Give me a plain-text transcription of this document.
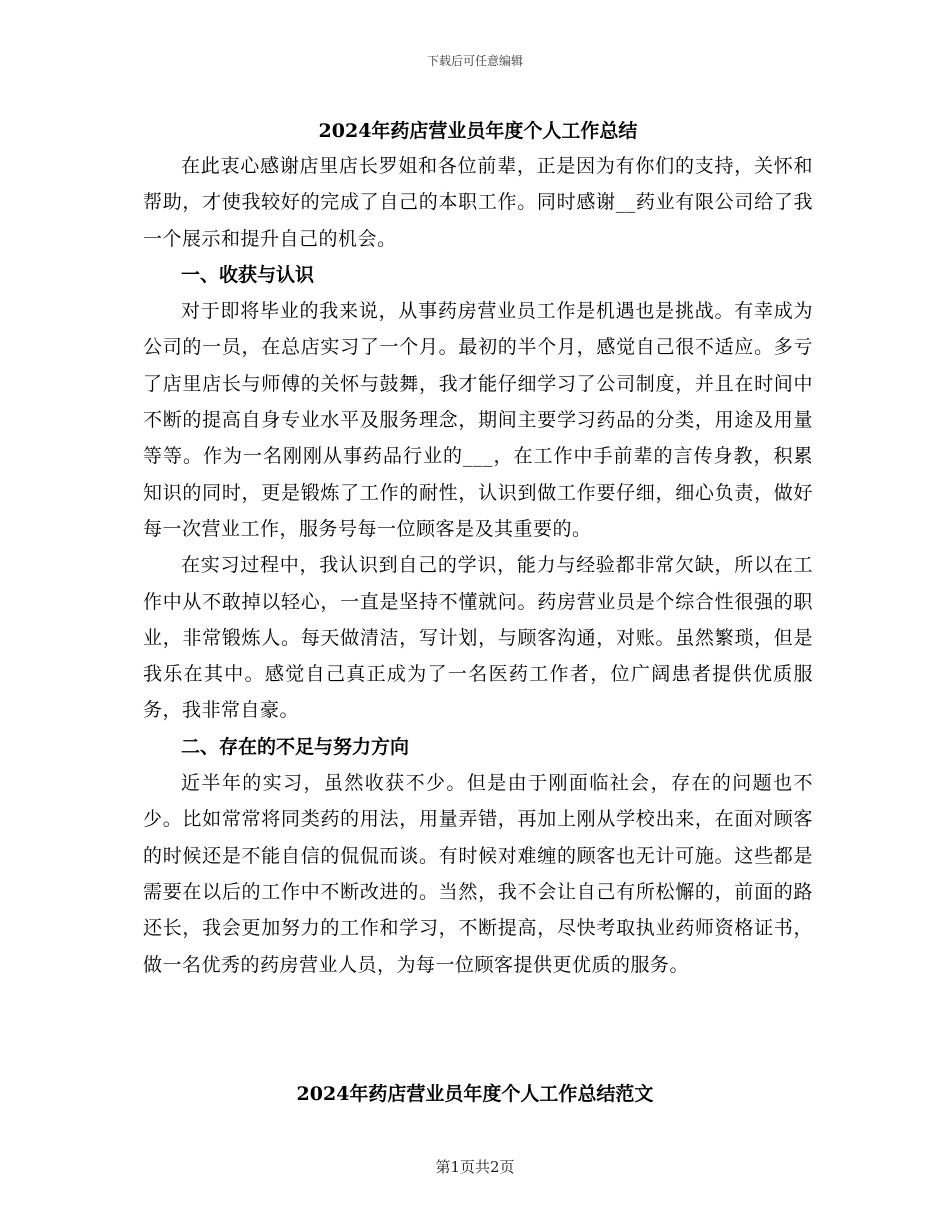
下载后可任意编辑
2024年药店营业员年度个人工作总结

在此衷心感谢店里店长罗姐和各位前辈，正是因为有你们的支持，关怀和帮助，才使我较好的完成了自己的本职工作。同时感谢__药业有限公司给了我一个展示和提升自己的机会。

一、收获与认识

对于即将毕业的我来说，从事药房营业员工作是机遇也是挑战。有幸成为公司的一员，在总店实习了一个月。最初的半个月，感觉自己很不适应。多亏了店里店长与师傅的关怀与鼓舞，我才能仔细学习了公司制度，并且在时间中不断的提高自身专业水平及服务理念，期间主要学习药品的分类，用途及用量等等。作为一名刚刚从事药品行业的___，在工作中手前辈的言传身教，积累知识的同时，更是锻炼了工作的耐性，认识到做工作要仔细，细心负责，做好每一次营业工作，服务号每一位顾客是及其重要的。

在实习过程中，我认识到自己的学识，能力与经验都非常欠缺，所以在工作中从不敢掉以轻心，一直是坚持不懂就问。药房营业员是个综合性很强的职业，非常锻炼人。每天做清洁，写计划，与顾客沟通，对账。虽然繁琐，但是我乐在其中。感觉自己真正成为了一名医药工作者，位广阔患者提供优质服务，我非常自豪。

二、存在的不足与努力方向

近半年的实习，虽然收获不少。但是由于刚面临社会，存在的问题也不少。比如常常将同类药的用法，用量弄错，再加上刚从学校出来，在面对顾客的时候还是不能自信的侃侃而谈。有时候对难缠的顾客也无计可施。这些都是需要在以后的工作中不断改进的。当然，我不会让自己有所松懈的，前面的路还长，我会更加努力的工作和学习，不断提高，尽快考取执业药师资格证书，做一名优秀的药房营业人员，为每一位顾客提供更优质的服务。

2024年药店营业员年度个人工作总结范文
第1页共2页
